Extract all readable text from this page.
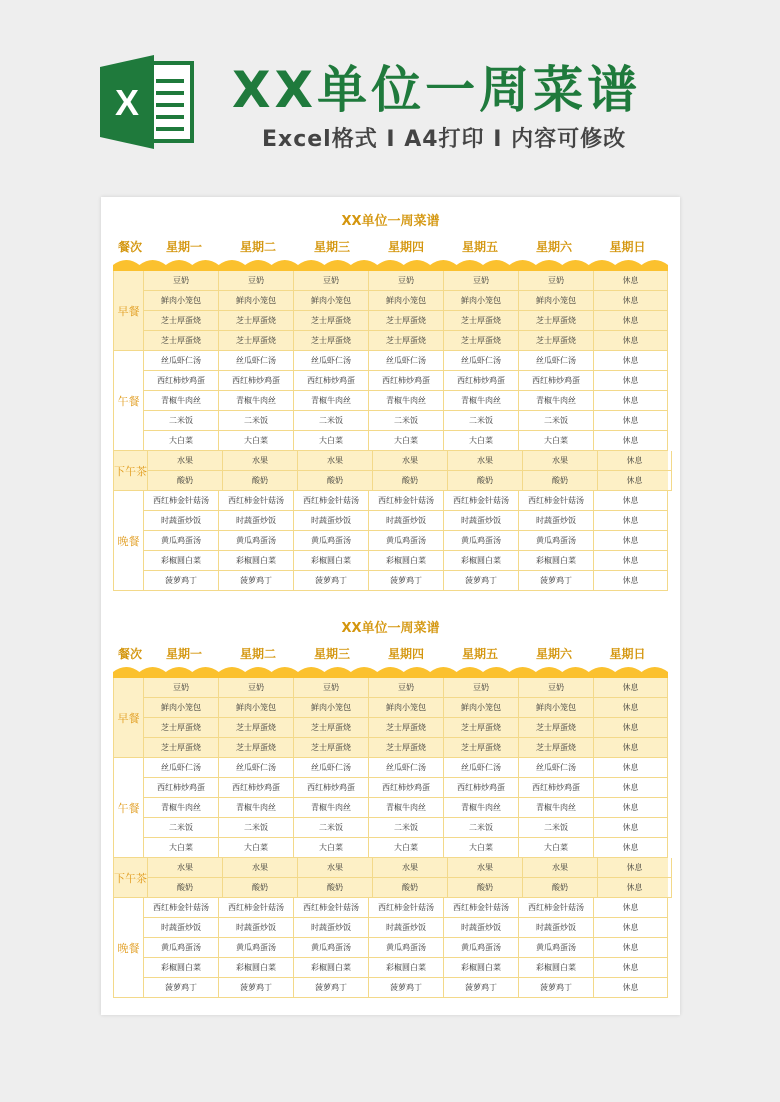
X XX单位一周菜谱
Excel格式 I A4打印 I 内容可修改
XX单位一周菜谱
餐次	星期一	星期二	星期三	星期四	星期五	星期六	星期日
早餐
豆奶	豆奶	豆奶	豆奶	豆奶	豆奶	休息
鲜肉小笼包	鲜肉小笼包	鲜肉小笼包	鲜肉小笼包	鲜肉小笼包	鲜肉小笼包	休息
芝士厚蛋烧	芝士厚蛋烧	芝士厚蛋烧	芝士厚蛋烧	芝士厚蛋烧	芝士厚蛋烧	休息
芝士厚蛋烧	芝士厚蛋烧	芝士厚蛋烧	芝士厚蛋烧	芝士厚蛋烧	芝士厚蛋烧	休息
午餐
丝瓜虾仁汤	丝瓜虾仁汤	丝瓜虾仁汤	丝瓜虾仁汤	丝瓜虾仁汤	丝瓜虾仁汤	休息
西红柿炒鸡蛋	西红柿炒鸡蛋	西红柿炒鸡蛋	西红柿炒鸡蛋	西红柿炒鸡蛋	西红柿炒鸡蛋	休息
青椒牛肉丝	青椒牛肉丝	青椒牛肉丝	青椒牛肉丝	青椒牛肉丝	青椒牛肉丝	休息
二米饭	二米饭	二米饭	二米饭	二米饭	二米饭	休息
大白菜	大白菜	大白菜	大白菜	大白菜	大白菜	休息
下午茶
水果	水果	水果	水果	水果	水果	休息
酸奶	酸奶	酸奶	酸奶	酸奶	酸奶	休息
晚餐
西红柿金针菇汤	西红柿金针菇汤	西红柿金针菇汤	西红柿金针菇汤	西红柿金针菇汤	西红柿金针菇汤	休息
时蔬蛋炒饭	时蔬蛋炒饭	时蔬蛋炒饭	时蔬蛋炒饭	时蔬蛋炒饭	时蔬蛋炒饭	休息
黄瓜鸡蛋汤	黄瓜鸡蛋汤	黄瓜鸡蛋汤	黄瓜鸡蛋汤	黄瓜鸡蛋汤	黄瓜鸡蛋汤	休息
彩椒圆白菜	彩椒圆白菜	彩椒圆白菜	彩椒圆白菜	彩椒圆白菜	彩椒圆白菜	休息
菠萝鸡丁	菠萝鸡丁	菠萝鸡丁	菠萝鸡丁	菠萝鸡丁	菠萝鸡丁	休息
XX单位一周菜谱
餐次	星期一	星期二	星期三	星期四	星期五	星期六	星期日
早餐
豆奶	豆奶	豆奶	豆奶	豆奶	豆奶	休息
鲜肉小笼包	鲜肉小笼包	鲜肉小笼包	鲜肉小笼包	鲜肉小笼包	鲜肉小笼包	休息
芝士厚蛋烧	芝士厚蛋烧	芝士厚蛋烧	芝士厚蛋烧	芝士厚蛋烧	芝士厚蛋烧	休息
芝士厚蛋烧	芝士厚蛋烧	芝士厚蛋烧	芝士厚蛋烧	芝士厚蛋烧	芝士厚蛋烧	休息
午餐
丝瓜虾仁汤	丝瓜虾仁汤	丝瓜虾仁汤	丝瓜虾仁汤	丝瓜虾仁汤	丝瓜虾仁汤	休息
西红柿炒鸡蛋	西红柿炒鸡蛋	西红柿炒鸡蛋	西红柿炒鸡蛋	西红柿炒鸡蛋	西红柿炒鸡蛋	休息
青椒牛肉丝	青椒牛肉丝	青椒牛肉丝	青椒牛肉丝	青椒牛肉丝	青椒牛肉丝	休息
二米饭	二米饭	二米饭	二米饭	二米饭	二米饭	休息
大白菜	大白菜	大白菜	大白菜	大白菜	大白菜	休息
下午茶
水果	水果	水果	水果	水果	水果	休息
酸奶	酸奶	酸奶	酸奶	酸奶	酸奶	休息
晚餐
西红柿金针菇汤	西红柿金针菇汤	西红柿金针菇汤	西红柿金针菇汤	西红柿金针菇汤	西红柿金针菇汤	休息
时蔬蛋炒饭	时蔬蛋炒饭	时蔬蛋炒饭	时蔬蛋炒饭	时蔬蛋炒饭	时蔬蛋炒饭	休息
黄瓜鸡蛋汤	黄瓜鸡蛋汤	黄瓜鸡蛋汤	黄瓜鸡蛋汤	黄瓜鸡蛋汤	黄瓜鸡蛋汤	休息
彩椒圆白菜	彩椒圆白菜	彩椒圆白菜	彩椒圆白菜	彩椒圆白菜	彩椒圆白菜	休息
菠萝鸡丁	菠萝鸡丁	菠萝鸡丁	菠萝鸡丁	菠萝鸡丁	菠萝鸡丁	休息
